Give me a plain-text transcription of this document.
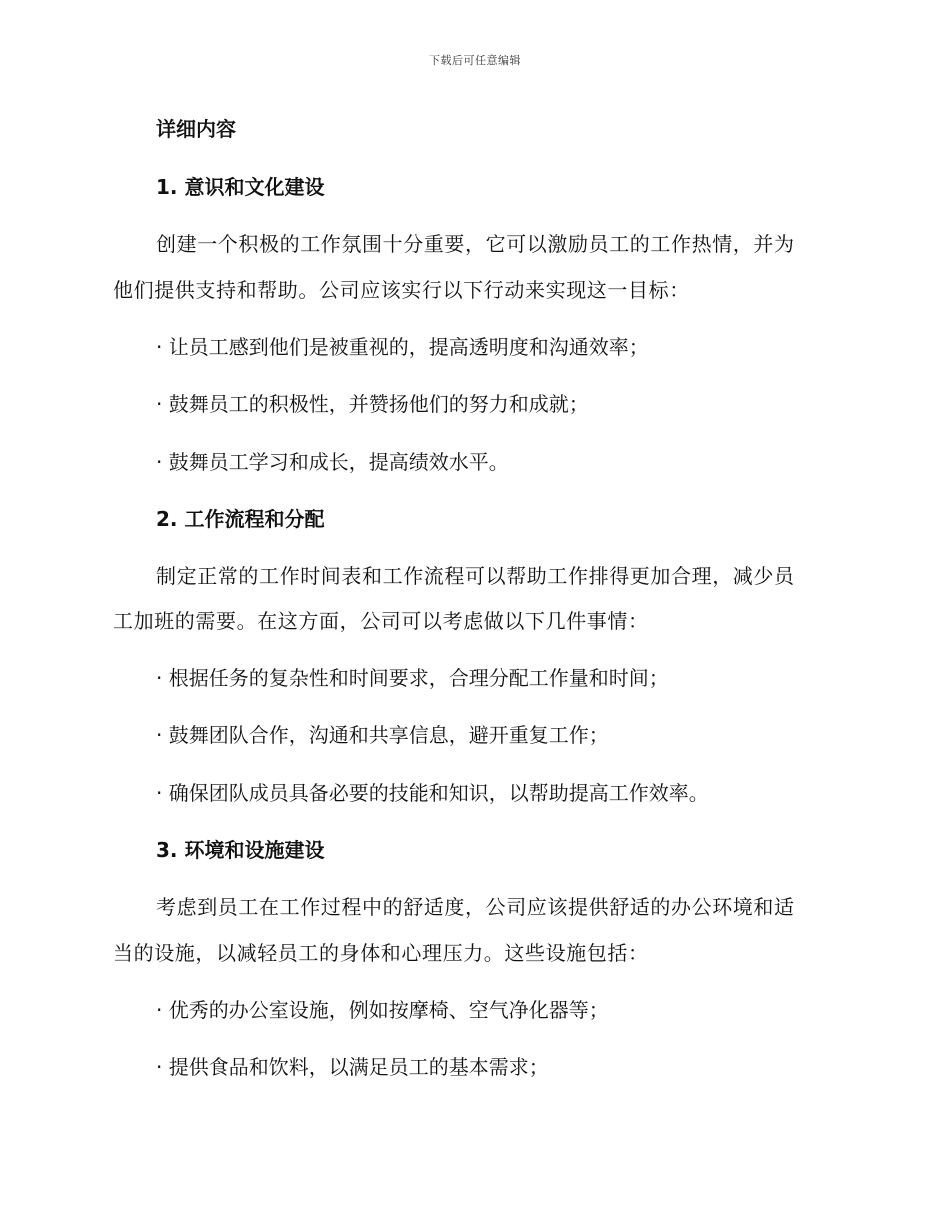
下载后可任意编辑
详细内容
1. 意识和文化建设
创建一个积极的工作氛围十分重要，它可以激励员工的工作热情，并为
他们提供支持和帮助。公司应该实行以下行动来实现这一目标：
· 让员工感到他们是被重视的，提高透明度和沟通效率；
· 鼓舞员工的积极性，并赞扬他们的努力和成就；
· 鼓舞员工学习和成长，提高绩效水平。
2. 工作流程和分配
制定正常的工作时间表和工作流程可以帮助工作排得更加合理，减少员
工加班的需要。在这方面，公司可以考虑做以下几件事情：
· 根据任务的复杂性和时间要求，合理分配工作量和时间；
· 鼓舞团队合作，沟通和共享信息，避开重复工作；
· 确保团队成员具备必要的技能和知识，以帮助提高工作效率。
3. 环境和设施建设
考虑到员工在工作过程中的舒适度，公司应该提供舒适的办公环境和适
当的设施，以减轻员工的身体和心理压力。这些设施包括：
· 优秀的办公室设施，例如按摩椅、空气净化器等；
· 提供食品和饮料，以满足员工的基本需求；
